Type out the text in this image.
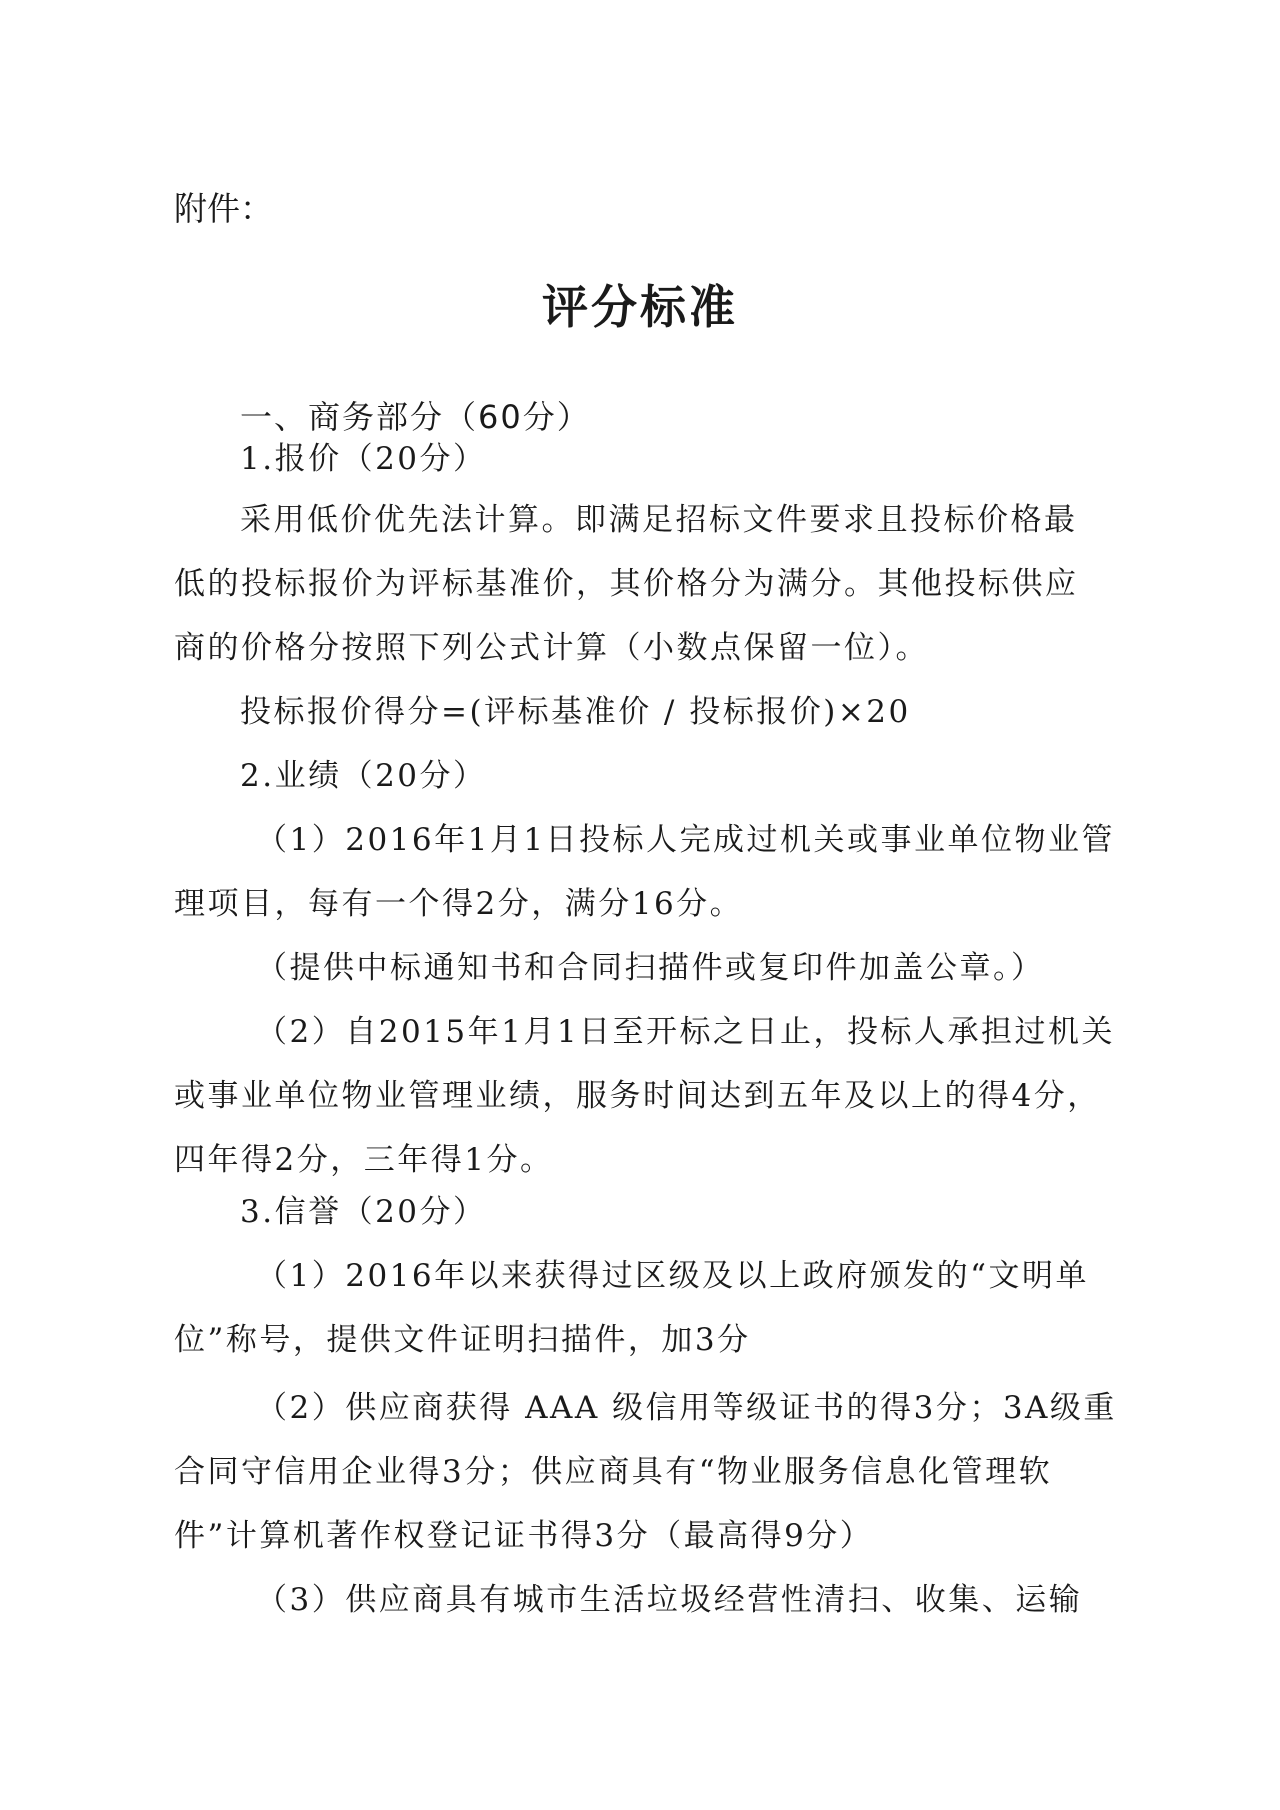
附件：
评分标准
一、商务部分（60分）
1.报价（20分）
采用低价优先法计算。即满足招标文件要求且投标价格最
低的投标报价为评标基准价，其价格分为满分。其他投标供应
商的价格分按照下列公式计算（小数点保留一位）。
投标报价得分=(评标基准价 / 投标报价)×20
2.业绩（20分）
（1）2016年1月1日投标人完成过机关或事业单位物业管
理项目，每有一个得2分，满分16分。
（提供中标通知书和合同扫描件或复印件加盖公章。）
（2）自2015年1月1日至开标之日止，投标人承担过机关
或事业单位物业管理业绩，服务时间达到五年及以上的得4分，
四年得2分，三年得1分。
3.信誉（20分）
（1）2016年以来获得过区级及以上政府颁发的“文明单
位”称号，提供文件证明扫描件，加3分
（2）供应商获得 AAA 级信用等级证书的得3分；3A级重
合同守信用企业得3分；供应商具有“物业服务信息化管理软
件”计算机著作权登记证书得3分（最高得9分）
（3）供应商具有城市生活垃圾经营性清扫、收集、运输
